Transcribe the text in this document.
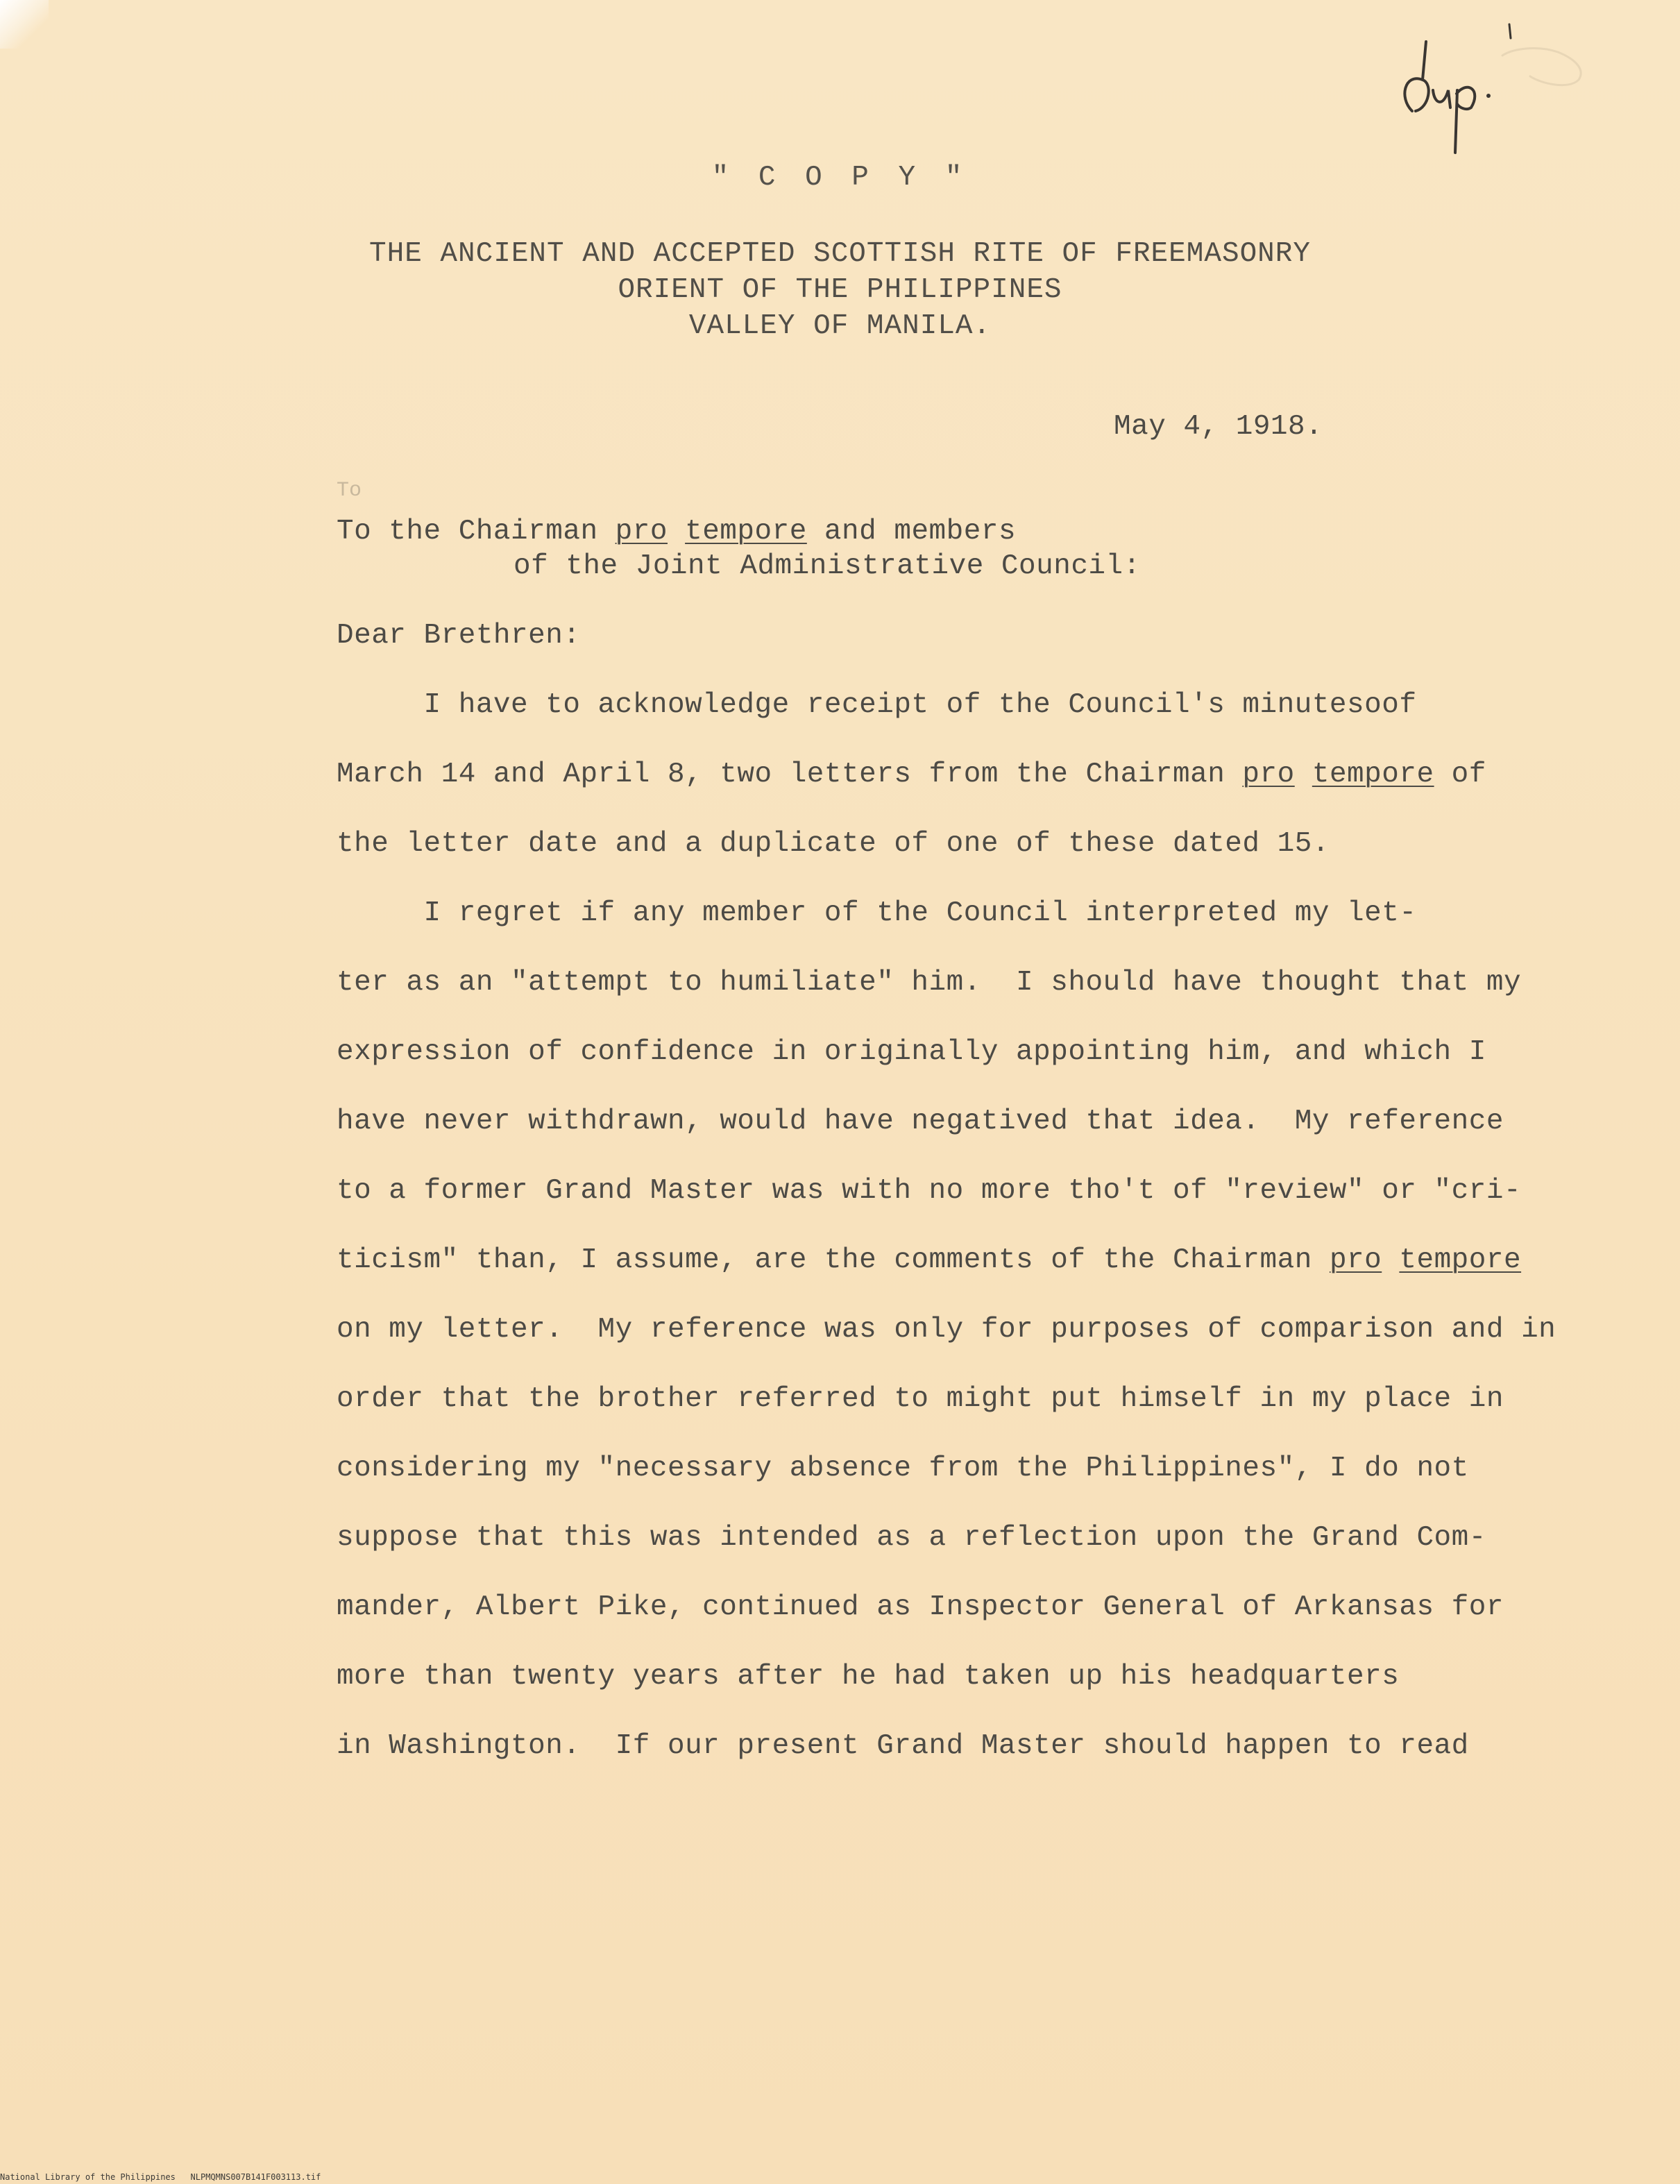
" C O P Y "
THE ANCIENT AND ACCEPTED SCOTTISH RITE OF FREEMASONRY
ORIENT OF THE PHILIPPINES
VALLEY OF MANILA.
May 4, 1918.
To
To the Chairman pro tempore and members
of the Joint Administrative Council:
Dear Brethren:
I have to acknowledge receipt of the Council's minutesoof
March 14 and April 8, two letters from the Chairman pro tempore of
the letter date and a duplicate of one of these dated 15.
I regret if any member of the Council interpreted my let-
ter as an "attempt to humiliate" him.  I should have thought that my
expression of confidence in originally appointing him, and which I
have never withdrawn, would have negatived that idea.  My reference
to a former Grand Master was with no more tho't of "review" or "cri-
ticism" than, I assume, are the comments of the Chairman pro tempore
on my letter.  My reference was only for purposes of comparison and in
order that the brother referred to might put himself in my place in
considering my "necessary absence from the Philippines", I do not
suppose that this was intended as a reflection upon the Grand Com-
mander, Albert Pike, continued as Inspector General of Arkansas for
more than twenty years after he had taken up his headquarters
in Washington.  If our present Grand Master should happen to read
National Library of the Philippines   NLPMQMNS007B141F003113.tif
